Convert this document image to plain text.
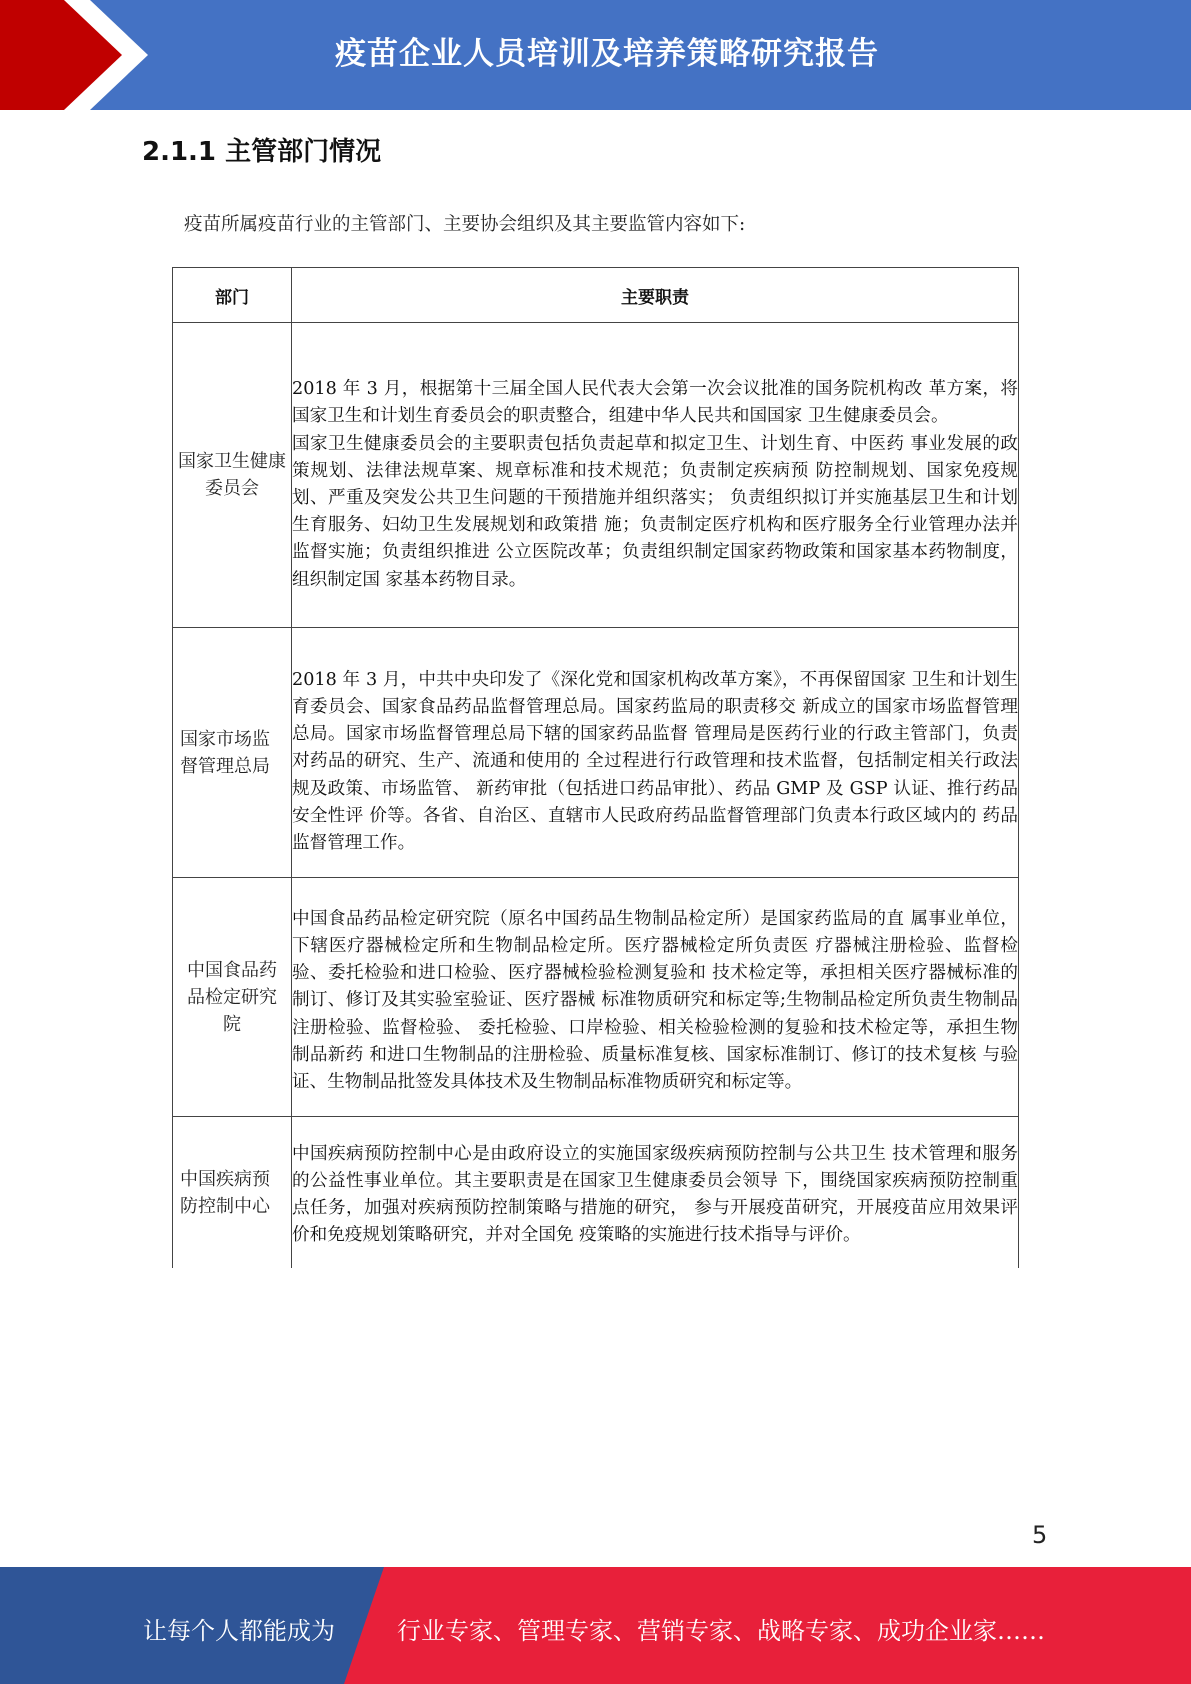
疫苗企业人员培训及培养策略研究报告
2.1.1 主管部门情况
疫苗所属疫苗行业的主管部门、主要协会组织及其主要监管内容如下:
部门	主要职责
国家卫生健康委员会	2018 年 3 月，根据第十三届全国人民代表大会第一次会议批准的国务院机构改 革方案，将国家卫生和计划生育委员会的职责整合，组建中华人民共和国国家 卫生健康委员会。

国家卫生健康委员会的主要职责包括负责起草和拟定卫生、计划生育、中医药 事业发展的政策规划、法律法规草案、规章标准和技术规范；负责制定疾病预 防控制规划、国家免疫规划、严重及突发公共卫生问题的干预措施并组织落实； 负责组织拟订并实施基层卫生和计划生育服务、妇幼卫生发展规划和政策措 施；负责制定医疗机构和医疗服务全行业管理办法并监督实施；负责组织推进 公立医院改革；负责组织制定国家药物政策和国家基本药物制度，组织制定国 家基本药物目录。

国家市场监督管理总局	2018 年 3 月，中共中央印发了《深化党和国家机构改革方案》，不再保留国家 卫生和计划生育委员会、国家食品药品监督管理总局。国家药监局的职责移交 新成立的国家市场监督管理总局。国家市场监督管理总局下辖的国家药品监督 管理局是医药行业的行政主管部门，负责对药品的研究、生产、流通和使用的 全过程进行行政管理和技术监督，包括制定相关行政法规及政策、市场监管、 新药审批（包括进口药品审批）、药品 GMP 及 GSP 认证、推行药品安全性评 价等。各省、自治区、直辖市人民政府药品监督管理部门负责本行政区域内的 药品监督管理工作。

中国食品药品检定研究院	中国食品药品检定研究院（原名中国药品生物制品检定所）是国家药监局的直 属事业单位，下辖医疗器械检定所和生物制品检定所。医疗器械检定所负责医 疗器械注册检验、监督检验、委托检验和进口检验、医疗器械检验检测复验和 技术检定等，承担相关医疗器械标准的制订、修订及其实验室验证、医疗器械 标准物质研究和标定等;生物制品检定所负责生物制品注册检验、监督检验、 委托检验、口岸检验、相关检验检测的复验和技术检定等，承担生物制品新药 和进口生物制品的注册检验、质量标准复核、国家标准制订、修订的技术复核 与验证、生物制品批签发具体技术及生物制品标准物质研究和标定等。

中国疾病预防控制中心	中国疾病预防控制中心是由政府设立的实施国家级疾病预防控制与公共卫生 技术管理和服务的公益性事业单位。其主要职责是在国家卫生健康委员会领导 下，围绕国家疾病预防控制重点任务，加强对疾病预防控制策略与措施的研究， 参与开展疫苗研究，开展疫苗应用效果评价和免疫规划策略研究，并对全国免 疫策略的实施进行技术指导与评价。

5
让每个人都能成为	行业专家、管理专家、营销专家、战略专家、成功企业家……
